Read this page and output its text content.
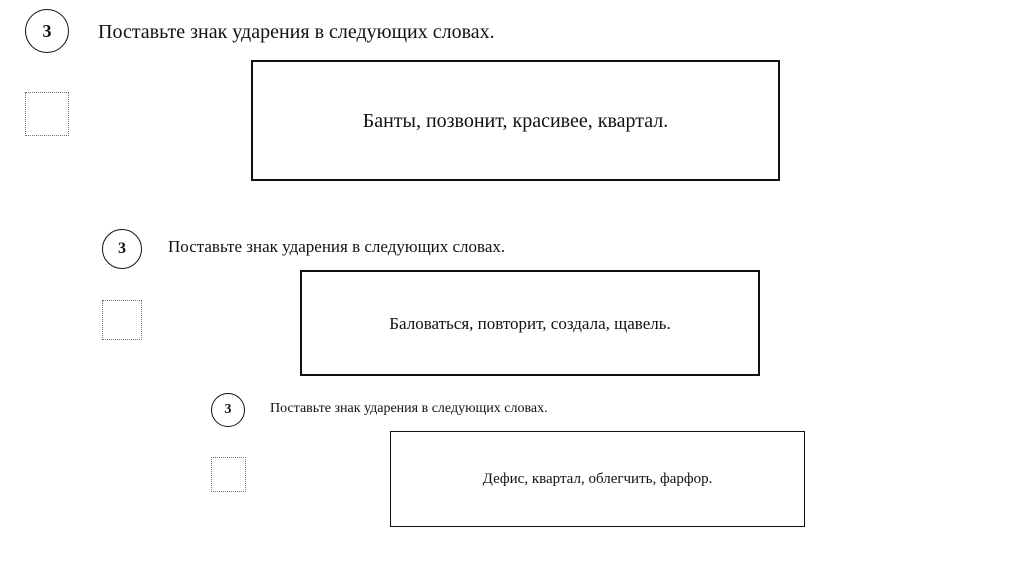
3 Поставьте знак ударения в следующих словах.
Банты, позвонит, красивее, квартал.
3 Поставьте знак ударения в следующих словах.
Баловаться, повторит, создала, щавель.
3	Поставьте знак ударения в следующих словах.
Дефис, квартал, облегчить, фарфор.
